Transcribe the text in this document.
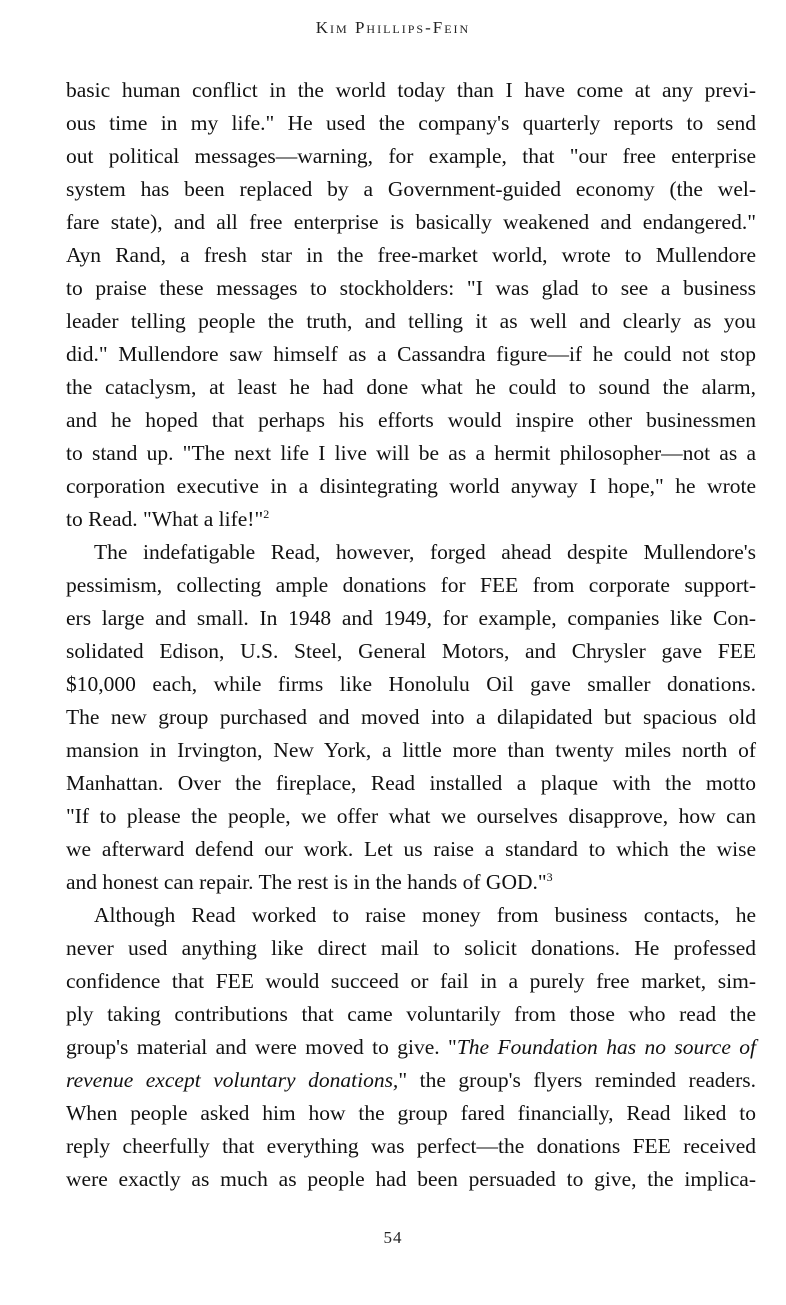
Kim Phillips-Fein
basic human conflict in the world today than I have come at any previ-
ous time in my life." He used the company's quarterly reports to send
out political messages—warning, for example, that "our free enterprise
system has been replaced by a Government-guided economy (the wel-
fare state), and all free enterprise is basically weakened and endangered."
Ayn Rand, a fresh star in the free-market world, wrote to Mullendore
to praise these messages to stockholders: "I was glad to see a business
leader telling people the truth, and telling it as well and clearly as you
did." Mullendore saw himself as a Cassandra figure—if he could not stop
the cataclysm, at least he had done what he could to sound the alarm,
and he hoped that perhaps his efforts would inspire other businessmen
to stand up. "The next life I live will be as a hermit philosopher—not as a
corporation executive in a disintegrating world anyway I hope," he wrote
to Read. "What a life!"$^2$
The indefatigable Read, however, forged ahead despite Mullendore's
pessimism, collecting ample donations for FEE from corporate support-
ers large and small. In 1948 and 1949, for example, companies like Con-
solidated Edison, U.S. Steel, General Motors, and Chrysler gave FEE
$10,000 each, while firms like Honolulu Oil gave smaller donations.
The new group purchased and moved into a dilapidated but spacious old
mansion in Irvington, New York, a little more than twenty miles north of
Manhattan. Over the fireplace, Read installed a plaque with the motto
"If to please the people, we offer what we ourselves disapprove, how can
we afterward defend our work. Let us raise a standard to which the wise
and honest can repair. The rest is in the hands of GOD."$^3$
Although Read worked to raise money from business contacts, he
never used anything like direct mail to solicit donations. He professed
confidence that FEE would succeed or fail in a purely free market, sim-
ply taking contributions that came voluntarily from those who read the
group's material and were moved to give. "The Foundation has no source of
revenue except voluntary donations," the group's flyers reminded readers.
When people asked him how the group fared financially, Read liked to
reply cheerfully that everything was perfect—the donations FEE received
were exactly as much as people had been persuaded to give, the implica-
54
